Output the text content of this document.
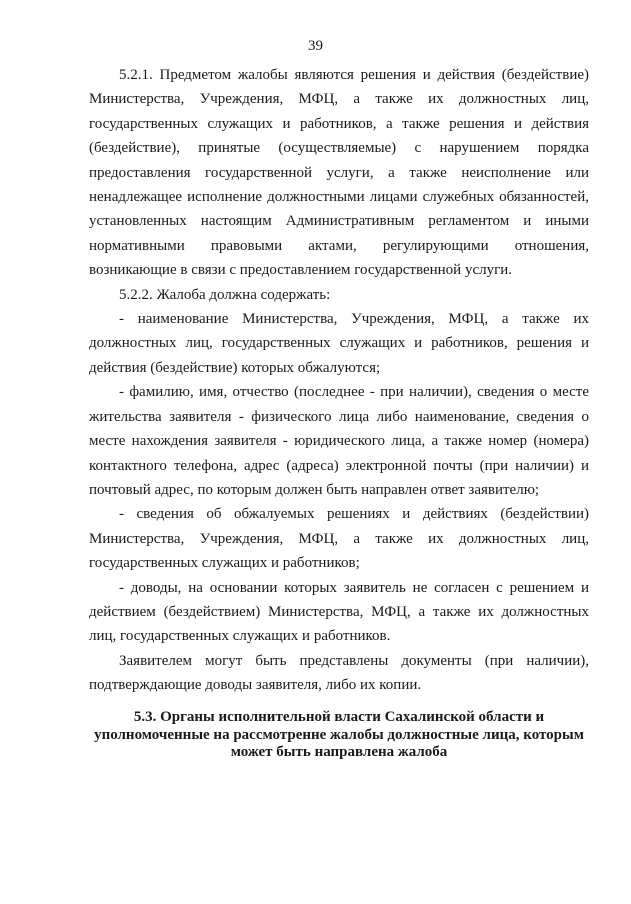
39

5.2.1. Предметом жалобы являются решения и действия (бездействие) Министерства, Учреждения, МФЦ, а также их должностных лиц, государственных служащих и работников, а также решения и действия (бездействие), принятые (осуществляемые) с нарушением порядка предоставления государственной услуги, а также неисполнение или ненадлежащее исполнение должностными лицами служебных обязанностей, установленных настоящим Административным регламентом и иными нормативными правовыми актами, регулирующими отношения, возникающие в связи с предоставлением государственной услуги.

5.2.2. Жалоба должна содержать:

- наименование Министерства, Учреждения, МФЦ, а также их должностных лиц, государственных служащих и работников, решения и действия (бездействие) которых обжалуются;

- фамилию, имя, отчество (последнее - при наличии), сведения о месте жительства заявителя - физического лица либо наименование, сведения о месте нахождения заявителя - юридического лица, а также номер (номера) контактного телефона, адрес (адреса) электронной почты (при наличии) и почтовый адрес, по которым должен быть направлен ответ заявителю;

- сведения об обжалуемых решениях и действиях (бездействии) Министерства, Учреждения, МФЦ, а также их должностных лиц, государственных служащих и работников;

- доводы, на основании которых заявитель не согласен с решением и действием (бездействием) Министерства, МФЦ, а также их должностных лиц, государственных служащих и работников.

Заявителем могут быть представлены документы (при наличии), подтверждающие доводы заявителя, либо их копии.

5.3. Органы исполнительной власти Сахалинской области и уполномоченные на рассмотренне жалобы должностные лица, которым может быть направлена жалоба
